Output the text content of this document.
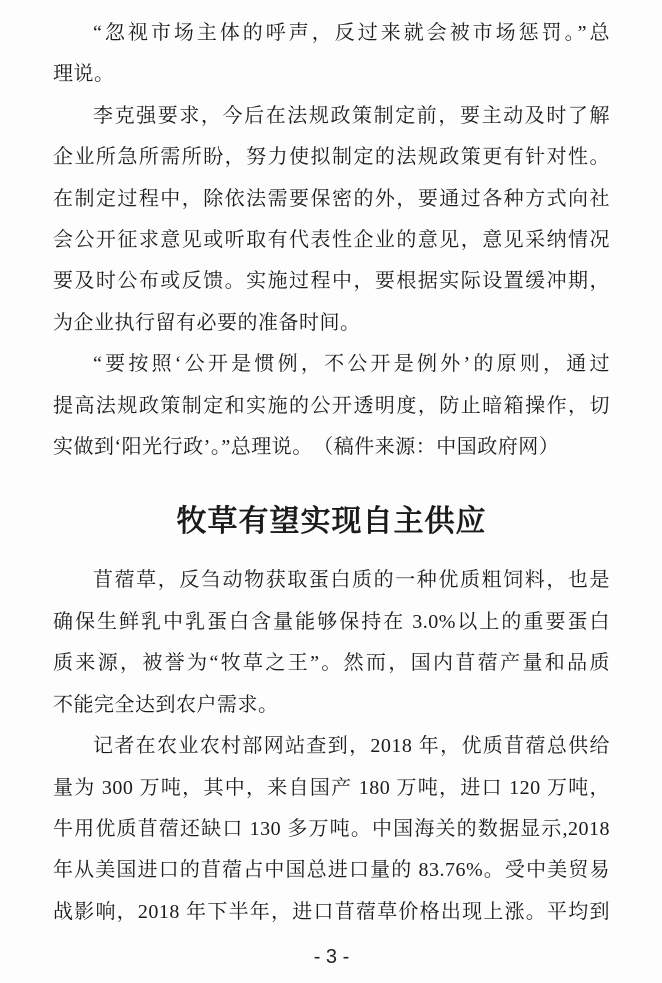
“忽视市场主体的呼声，反过来就会被市场惩罚。”总
理说。

李克强要求，今后在法规政策制定前，要主动及时了解
企业所急所需所盼，努力使拟制定的法规政策更有针对性。
在制定过程中，除依法需要保密的外，要通过各种方式向社
会公开征求意见或听取有代表性企业的意见，意见采纳情况
要及时公布或反馈。实施过程中，要根据实际设置缓冲期，
为企业执行留有必要的准备时间。

“要按照‘公开是惯例，不公开是例外’的原则，通过
提高法规政策制定和实施的公开透明度，防止暗箱操作，切
实做到‘阳光行政’。”总理说。　（稿件来源：中国政府网）

牧草有望实现自主供应

苜蓿草，反刍动物获取蛋白质的一种优质粗饲料，也是
确保生鲜乳中乳蛋白含量能够保持在 3.0%以上的重要蛋白
质来源，被誉为“牧草之王”。然而，国内苜蓿产量和品质
不能完全达到农户需求。

记者在农业农村部网站查到，2018 年，优质苜蓿总供给
量为 300 万吨，其中，来自国产 180 万吨，进口 120 万吨，
牛用优质苜蓿还缺口 130 多万吨。中国海关的数据显示,2018
年从美国进口的苜蓿占中国总进口量的 83.76%。受中美贸易
战影响，2018 年下半年，进口苜蓿草价格出现上涨。平均到

- 3 -
